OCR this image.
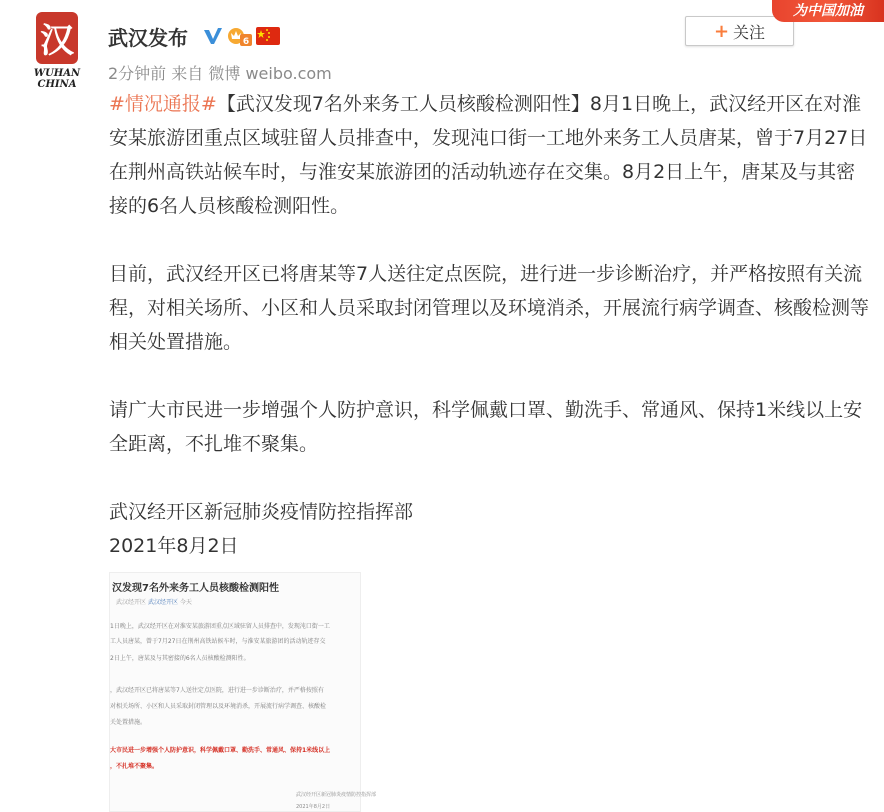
汉
WUHAN
CHINA
武汉发布	6
2分钟前 来自 微博 weibo.com
+ 关注
为中国加油

#情况通报#【武汉发现7名外来务工人员核酸检测阳性】8月1日晚上，武汉经开区在对淮安某旅游团重点区域驻留人员排查中，发现沌口街一工地外来务工人员唐某，曾于7月27日在荆州高铁站候车时，与淮安某旅游团的活动轨迹存在交集。8月2日上午，唐某及与其密接的6名人员核酸检测阳性。

目前，武汉经开区已将唐某等7人送往定点医院，进行进一步诊断治疗，并严格按照有关流程，对相关场所、小区和人员采取封闭管理以及环境消杀，开展流行病学调查、核酸检测等相关处置措施。

请广大市民进一步增强个人防护意识，科学佩戴口罩、勤洗手、常通风、保持1米线以上安全距离，不扎堆不聚集。

武汉经开区新冠肺炎疫情防控指挥部

2021年8月2日

汉发现7名外来务工人员核酸检测阳性
武汉经开区 武汉经开区 今天
1日晚上，武汉经开区在对淮安某旅游团重点区域驻留人员排查中，发现沌口街一工
工人员唐某，曾于7月27日在荆州高铁站候车时，与淮安某旅游团的活动轨迹存交
2日上午，唐某及与其密接的6名人员核酸检测阳性。
，武汉经开区已将唐某等7人送往定点医院，进行进一步诊断治疗，并严格按照有
对相关场所、小区和人员采取封闭管理以及环境消杀，开展流行病学调查、核酸检
关处置措施。
大市民进一步增强个人防护意识，科学佩戴口罩、勤洗手、常通风、保持1米线以上
，不扎堆不聚集。
武汉经开区新冠肺炎疫情防控指挥部
2021年8月2日
